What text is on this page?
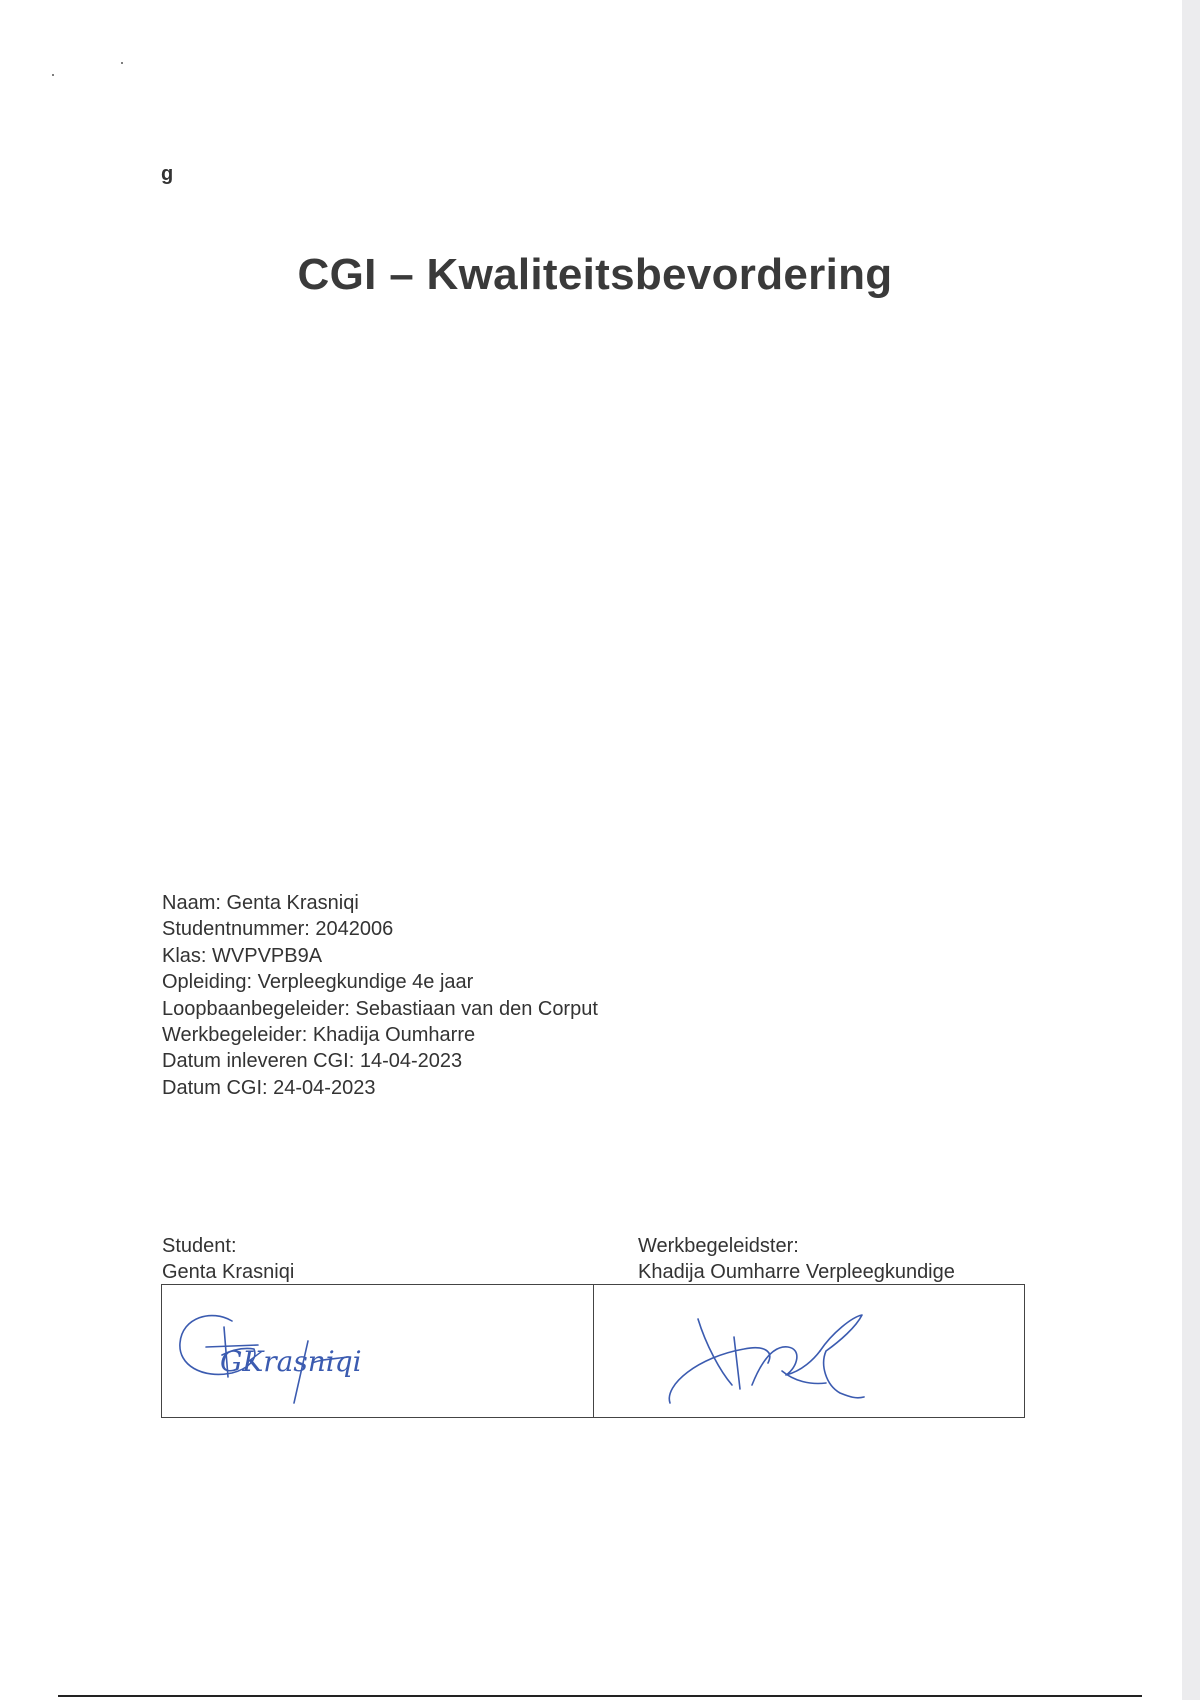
g
CGI – Kwaliteitsbevordering
Naam: Genta Krasniqi
Studentnummer: 2042006
Klas: WVPVPB9A
Opleiding: Verpleegkundige 4e jaar
Loopbaanbegeleider: Sebastiaan van den Corput
Werkbegeleider: Khadija Oumharre
Datum inleveren CGI: 14-04-2023
Datum CGI: 24-04-2023
Student:
Genta Krasniqi
Werkbegeleidster:
Khadija Oumharre Verpleegkundige
GKrasniqi
